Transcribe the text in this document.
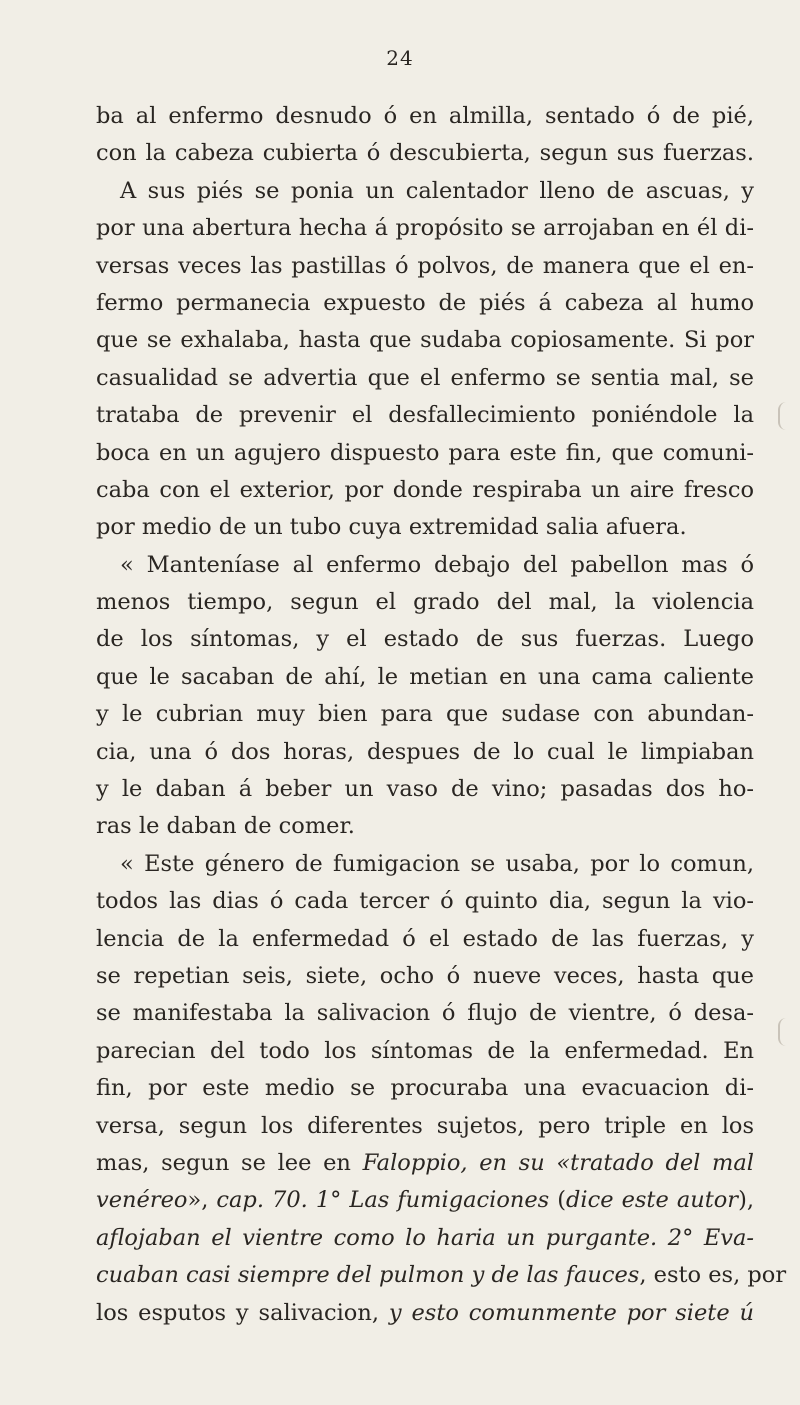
24
ba al enfermo desnudo ó en almilla, sentado ó de pié,
con la cabeza cubierta ó descubierta, segun sus fuerzas.
A sus piés se ponia un calentador lleno de ascuas, y
por una abertura hecha á propósito se arrojaban en él di-
versas veces las pastillas ó polvos, de manera que el en-
fermo permanecia expuesto de piés á cabeza al humo
que se exhalaba, hasta que sudaba copiosamente. Si por
casualidad se advertia que el enfermo se sentia mal, se
trataba de prevenir el desfallecimiento poniéndole la
boca en un agujero dispuesto para este fin, que comuni-
caba con el exterior, por donde respiraba un aire fresco
por medio de un tubo cuya extremidad salia afuera.
« Manteníase al enfermo debajo del pabellon mas ó
menos tiempo, segun el grado del mal, la violencia
de los síntomas, y el estado de sus fuerzas. Luego
que le sacaban de ahí, le metian en una cama caliente
y le cubrian muy bien para que sudase con abundan-
cia, una ó dos horas, despues de lo cual le limpiaban
y le daban á beber un vaso de vino; pasadas dos ho-
ras le daban de comer.
« Este género de fumigacion se usaba, por lo comun,
todos las dias ó cada tercer ó quinto dia, segun la vio-
lencia de la enfermedad ó el estado de las fuerzas, y
se repetian seis, siete, ocho ó nueve veces, hasta que
se manifestaba la salivacion ó flujo de vientre, ó desa-
parecian del todo los síntomas de la enfermedad. En
fin, por este medio se procuraba una evacuacion di-
versa, segun los diferentes sujetos, pero triple en los
mas, segun se lee en Faloppio, en su «tratado del mal
venéreo», cap. 70. 1° Las fumigaciones (dice este autor),
aflojaban el vientre como lo haria un purgante. 2° Eva-
cuaban casi siempre del pulmon y de las fauces, esto es, por
los esputos y salivacion, y esto comunmente por siete ú
